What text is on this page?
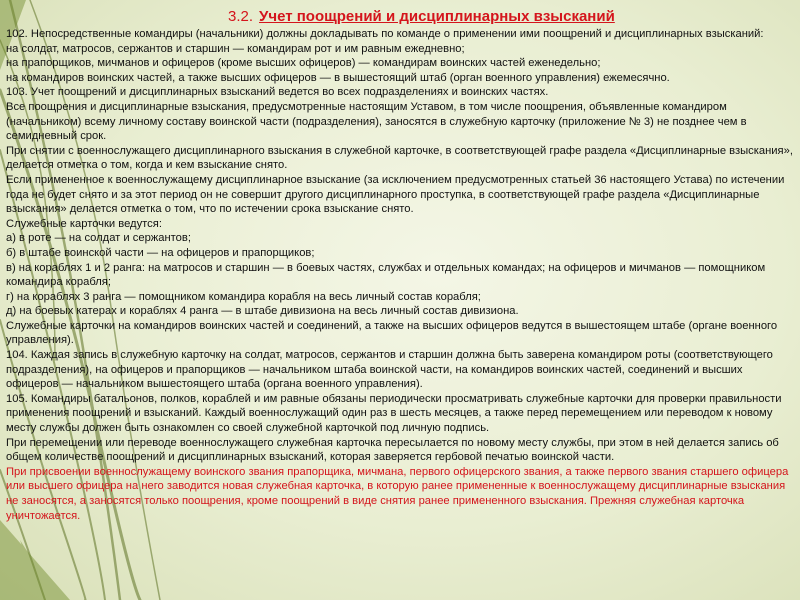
3.2. Учет поощрений и дисциплинарных взысканий
102. Непосредственные командиры (начальники) должны докладывать по команде о применении ими поощрений и дисциплинарных взысканий:
на солдат, матросов, сержантов и старшин — командирам рот и им равным ежедневно;
на прапорщиков, мичманов и офицеров (кроме высших офицеров) — командирам воинских частей еженедельно;
на командиров воинских частей, а также высших офицеров — в вышестоящий штаб (орган военного управления) ежемесячно.
103. Учет поощрений и дисциплинарных взысканий ведется во всех подразделениях и воинских частях.
Все поощрения и дисциплинарные взыскания, предусмотренные настоящим Уставом, в том числе поощрения, объявленные командиром (начальником) всему личному составу воинской части (подразделения), заносятся в служебную карточку (приложение № 3) не позднее чем в семидневный срок.
При снятии с военнослужащего дисциплинарного взыскания в служебной карточке, в соответствующей графе раздела «Дисциплинарные взыскания», делается отметка о том, когда и кем взыскание снято.
Если примененное к военнослужащему дисциплинарное взыскание (за исключением предусмотренных статьей 36 настоящего Устава) по истечении года не будет снято и за этот период он не совершит другого дисциплинарного проступка, в соответствующей графе раздела «Дисциплинарные взыскания» делается отметка о том, что по истечении срока взыскание снято.
Служебные карточки ведутся:
а) в роте — на солдат и сержантов;
б) в штабе воинской части — на офицеров и прапорщиков;
в) на кораблях 1 и 2 ранга: на матросов и старшин — в боевых частях, службах и отдельных командах; на офицеров и мичманов — помощником командира корабля;
г) на кораблях 3 ранга — помощником командира корабля на весь личный состав корабля;
д) на боевых катерах и кораблях 4 ранга — в штабе дивизиона на весь личный состав дивизиона.
Служебные карточки на командиров воинских частей и соединений, а также на высших офицеров ведутся в вышестоящем штабе (органе военного управления).
104. Каждая запись в служебную карточку на солдат, матросов, сержантов и старшин должна быть заверена командиром роты (соответствующего подразделения), на офицеров и прапорщиков — начальником штаба воинской части, на командиров воинских частей, соединений и высших офицеров — начальником вышестоящего штаба (органа военного управления).
105. Командиры батальонов, полков, кораблей и им равные обязаны периодически просматривать служебные карточки для проверки правильности применения поощрений и взысканий. Каждый военнослужащий один раз в шесть месяцев, а также перед перемещением или переводом к новому месту службы должен быть ознакомлен со своей служебной карточкой под личную подпись.
При перемещении или переводе военнослужащего служебная карточка пересылается по новому месту службы, при этом в ней делается запись об общем количестве поощрений и дисциплинарных взысканий, которая заверяется гербовой печатью воинской части.
При присвоении военнослужащему воинского звания прапорщика, мичмана, первого офицерского звания, а также первого звания старшего офицера или высшего офицера на него заводится новая служебная карточка, в которую ранее примененные к военнослужащему дисциплинарные взыскания не заносятся, а заносятся только поощрения, кроме поощрений в виде снятия ранее примененного взыскания. Прежняя служебная карточка уничтожается.
